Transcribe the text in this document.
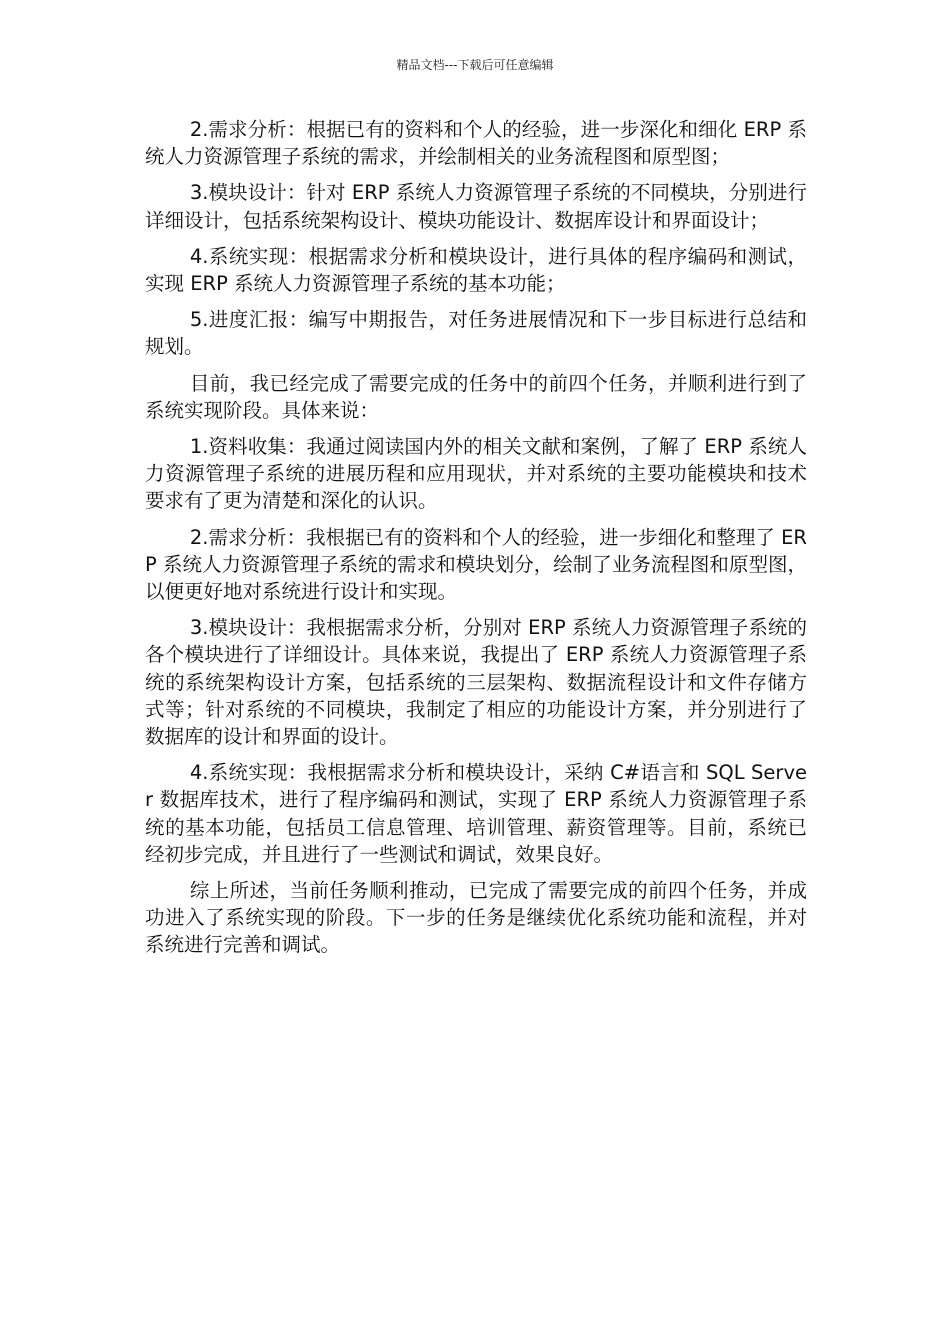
精品文档---下载后可任意编辑

2.需求分析：根据已有的资料和个人的经验，进一步深化和细化 ERP 系统人力资源管理子系统的需求，并绘制相关的业务流程图和原型图；

3.模块设计：针对 ERP 系统人力资源管理子系统的不同模块，分别进行详细设计，包括系统架构设计、模块功能设计、数据库设计和界面设计；

4.系统实现：根据需求分析和模块设计，进行具体的程序编码和测试，实现 ERP 系统人力资源管理子系统的基本功能；

5.进度汇报：编写中期报告，对任务进展情况和下一步目标进行总结和规划。

目前，我已经完成了需要完成的任务中的前四个任务，并顺利进行到了系统实现阶段。具体来说：

1.资料收集：我通过阅读国内外的相关文献和案例，了解了 ERP 系统人力资源管理子系统的进展历程和应用现状，并对系统的主要功能模块和技术要求有了更为清楚和深化的认识。

2.需求分析：我根据已有的资料和个人的经验，进一步细化和整理了 ERP 系统人力资源管理子系统的需求和模块划分，绘制了业务流程图和原型图，以便更好地对系统进行设计和实现。

3.模块设计：我根据需求分析，分别对 ERP 系统人力资源管理子系统的各个模块进行了详细设计。具体来说，我提出了 ERP 系统人力资源管理子系统的系统架构设计方案，包括系统的三层架构、数据流程设计和文件存储方式等；针对系统的不同模块，我制定了相应的功能设计方案，并分别进行了数据库的设计和界面的设计。

4.系统实现：我根据需求分析和模块设计，采纳 C#语言和 SQL Server 数据库技术，进行了程序编码和测试，实现了 ERP 系统人力资源管理子系统的基本功能，包括员工信息管理、培训管理、薪资管理等。目前，系统已经初步完成，并且进行了一些测试和调试，效果良好。

综上所述，当前任务顺利推动，已完成了需要完成的前四个任务，并成功进入了系统实现的阶段。下一步的任务是继续优化系统功能和流程，并对系统进行完善和调试。
